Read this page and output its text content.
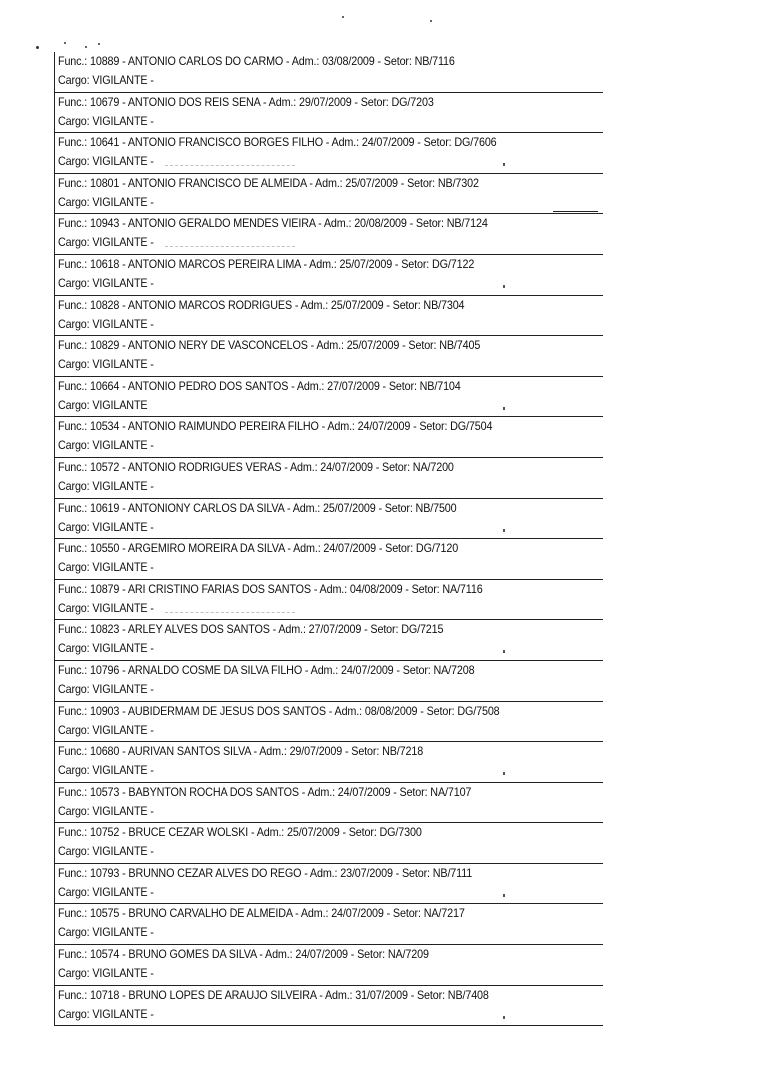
Func.: 10889 - ANTONIO CARLOS DO CARMO - Adm.: 03/08/2009 - Setor: NB/7116
Cargo: VIGILANTE -
Func.: 10679 - ANTONIO DOS REIS SENA - Adm.: 29/07/2009 - Setor: DG/7203
Cargo: VIGILANTE -
Func.: 10641 - ANTONIO FRANCISCO BORGES FILHO - Adm.: 24/07/2009 - Setor: DG/7606
Cargo: VIGILANTE -
Func.: 10801 - ANTONIO FRANCISCO DE ALMEIDA - Adm.: 25/07/2009 - Setor: NB/7302
Cargo: VIGILANTE -
Func.: 10943 - ANTONIO GERALDO MENDES VIEIRA - Adm.: 20/08/2009 - Setor: NB/7124
Cargo: VIGILANTE -
Func.: 10618 - ANTONIO MARCOS PEREIRA LIMA - Adm.: 25/07/2009 - Setor: DG/7122
Cargo: VIGILANTE -
Func.: 10828 - ANTONIO MARCOS RODRIGUES - Adm.: 25/07/2009 - Setor: NB/7304
Cargo: VIGILANTE -
Func.: 10829 - ANTONIO NERY DE VASCONCELOS - Adm.: 25/07/2009 - Setor: NB/7405
Cargo: VIGILANTE -
Func.: 10664 - ANTONIO PEDRO DOS SANTOS - Adm.: 27/07/2009 - Setor: NB/7104
Cargo: VIGILANTE
Func.: 10534 - ANTONIO RAIMUNDO PEREIRA FILHO - Adm.: 24/07/2009 - Setor: DG/7504
Cargo: VIGILANTE -
Func.: 10572 - ANTONIO RODRIGUES VERAS - Adm.: 24/07/2009 - Setor: NA/7200
Cargo: VIGILANTE -
Func.: 10619 - ANTONIONY CARLOS DA SILVA - Adm.: 25/07/2009 - Setor: NB/7500
Cargo: VIGILANTE -
Func.: 10550 - ARGEMIRO MOREIRA DA SILVA - Adm.: 24/07/2009 - Setor: DG/7120
Cargo: VIGILANTE -
Func.: 10879 - ARI CRISTINO FARIAS DOS SANTOS - Adm.: 04/08/2009 - Setor: NA/7116
Cargo: VIGILANTE -
Func.: 10823 - ARLEY ALVES DOS SANTOS - Adm.: 27/07/2009 - Setor: DG/7215
Cargo: VIGILANTE -
Func.: 10796 - ARNALDO COSME DA SILVA FILHO - Adm.: 24/07/2009 - Setor: NA/7208
Cargo: VIGILANTE -
Func.: 10903 - AUBIDERMAM DE JESUS DOS SANTOS - Adm.: 08/08/2009 - Setor: DG/7508
Cargo: VIGILANTE -
Func.: 10680 - AURIVAN SANTOS SILVA - Adm.: 29/07/2009 - Setor: NB/7218
Cargo: VIGILANTE -
Func.: 10573 - BABYNTON ROCHA DOS SANTOS - Adm.: 24/07/2009 - Setor: NA/7107
Cargo: VIGILANTE -
Func.: 10752 - BRUCE CEZAR WOLSKI - Adm.: 25/07/2009 - Setor: DG/7300
Cargo: VIGILANTE -
Func.: 10793 - BRUNNO CEZAR ALVES DO REGO - Adm.: 23/07/2009 - Setor: NB/7111
Cargo: VIGILANTE -
Func.: 10575 - BRUNO CARVALHO DE ALMEIDA - Adm.: 24/07/2009 - Setor: NA/7217
Cargo: VIGILANTE -
Func.: 10574 - BRUNO GOMES DA SILVA - Adm.: 24/07/2009 - Setor: NA/7209
Cargo: VIGILANTE -
Func.: 10718 - BRUNO LOPES DE ARAUJO SILVEIRA - Adm.: 31/07/2009 - Setor: NB/7408
Cargo: VIGILANTE -
